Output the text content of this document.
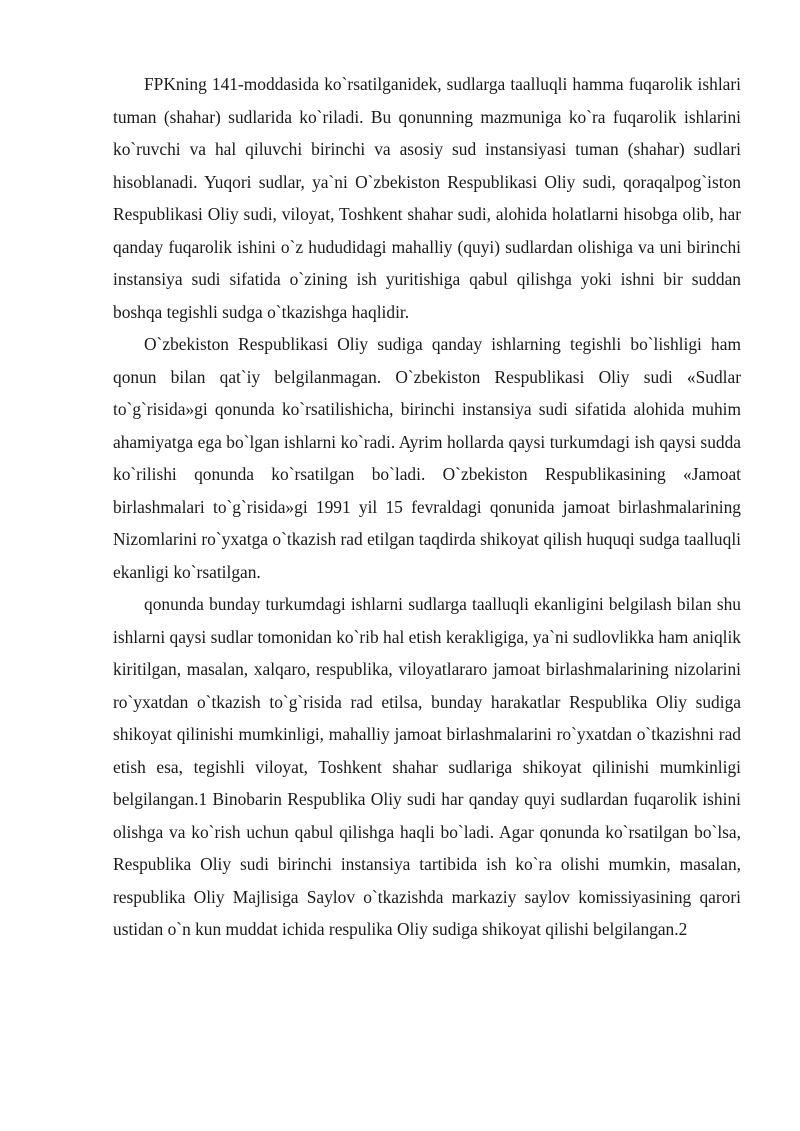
FPKning 141-moddasida ko`rsatilganidek, sudlarga taalluqli hamma fuqarolik ishlari tuman (shahar) sudlarida ko`riladi. Bu qonunning mazmuniga ko`ra fuqarolik ishlarini ko`ruvchi va hal qiluvchi birinchi va asosiy sud instansiyasi tuman (shahar) sudlari hisoblanadi. Yuqori sudlar, ya`ni O`zbekiston Respublikasi Oliy sudi, qoraqalpog`iston Respublikasi Oliy sudi, viloyat, Toshkent shahar sudi, alohida holatlarni hisobga olib, har qanday fuqarolik ishini o`z hududidagi mahalliy (quyi) sudlardan olishiga va uni birinchi instansiya sudi sifatida o`zining ish yuritishiga qabul qilishga yoki ishni bir suddan boshqa tegishli sudga o`tkazishga haqlidir.

O`zbekiston Respublikasi Oliy sudiga qanday ishlarning tegishli bo`lishligi ham qonun bilan qat`iy belgilanmagan. O`zbekiston Respublikasi Oliy sudi «Sudlar to`g`risida»gi qonunda ko`rsatilishicha, birinchi instansiya sudi sifatida alohida muhim ahamiyatga ega bo`lgan ishlarni ko`radi. Ayrim hollarda qaysi turkumdagi ish qaysi sudda ko`rilishi qonunda ko`rsatilgan bo`ladi. O`zbekiston Respublikasining «Jamoat birlashmalari to`g`risida»gi 1991 yil 15 fevraldagi qonunida jamoat birlashmalarining Nizomlarini ro`yxatga o`tkazish rad etilgan taqdirda shikoyat qilish huquqi sudga taalluqli ekanligi ko`rsatilgan.

qonunda bunday turkumdagi ishlarni sudlarga taalluqli ekanligini belgilash bilan shu ishlarni qaysi sudlar tomonidan ko`rib hal etish kerakligiga, ya`ni sudlovlikka ham aniqlik kiritilgan, masalan, xalqaro, respublika, viloyatlararo jamoat birlashmalarining nizolarini ro`yxatdan o`tkazish to`g`risida rad etilsa, bunday harakatlar Respublika Oliy sudiga shikoyat qilinishi mumkinligi, mahalliy jamoat birlashmalarini ro`yxatdan o`tkazishni rad etish esa, tegishli viloyat, Toshkent shahar sudlariga shikoyat qilinishi mumkinligi belgilangan.1 Binobarin Respublika Oliy sudi har qanday quyi sudlardan fuqarolik ishini olishga va ko`rish uchun qabul qilishga haqli bo`ladi. Agar qonunda ko`rsatilgan bo`lsa, Respublika Oliy sudi birinchi instansiya tartibida ish ko`ra olishi mumkin, masalan, respublika Oliy Majlisiga Saylov o`tkazishda markaziy saylov komissiyasining qarori ustidan o`n kun muddat ichida respulika Oliy sudiga shikoyat qilishi belgilangan.2
